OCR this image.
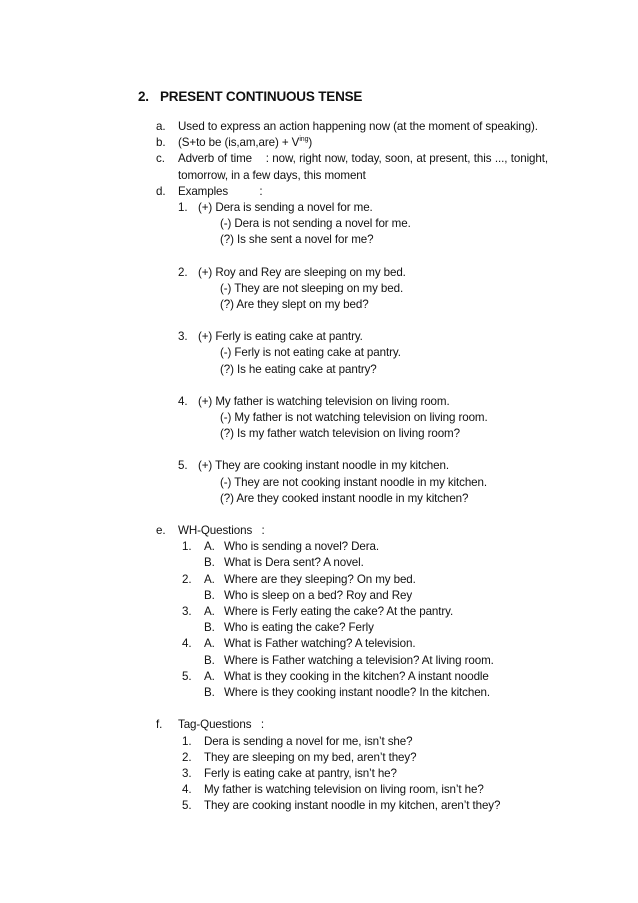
2. PRESENT CONTINUOUS TENSE
a.	Used to express an action happening now (at the moment of speaking).
b.	(S+to be $(is,am,are) + V^{ing}$)
c.	Adverb of time    : now, right now, today, soon, at present, this ..., tonight, tomorrow, in a few days, this moment
d.	Examples          :
1. (+) Dera is sending a novel for me.
(-) Dera is not sending a novel for me.
(?) Is she sent a novel for me?
2. (+) Roy and Rey are sleeping on my bed.
(-) They are not sleeping on my bed.
(?) Are they slept on my bed?
3. (+) Ferly is eating cake at pantry.
(-) Ferly is not eating cake at pantry.
(?) Is he eating cake at pantry?
4. (+) My father is watching television on living room.
(-) My father is not watching television on living room.
(?) Is my father watch television on living room?
5. (+) They are cooking instant noodle in my kitchen.
(-) They are not cooking instant noodle in my kitchen.
(?) Are they cooked instant noodle in my kitchen?
e.	WH-Questions   :
1.	A. Who is sending a novel? Dera.
B. What is Dera sent? A novel.
2.	A. Where are they sleeping? On my bed.
B. Who is sleep on a bed? Roy and Rey
3.	A. Where is Ferly eating the cake? At the pantry.
B. Who is eating the cake? Ferly
4.	A. What is Father watching? A television.
B. Where is Father watching a television? At living room.
5.	A. What is they cooking in the kitchen? A instant noodle
B. Where is they cooking instant noodle? In the kitchen.
f.	Tag-Questions   :
1.	Dera is sending a novel for me, isn’t she?
2.	They are sleeping on my bed, aren’t they?
3.	Ferly is eating cake at pantry, isn’t he?
4.	My father is watching television on living room, isn’t he?
5.	They are cooking instant noodle in my kitchen, aren’t they?
